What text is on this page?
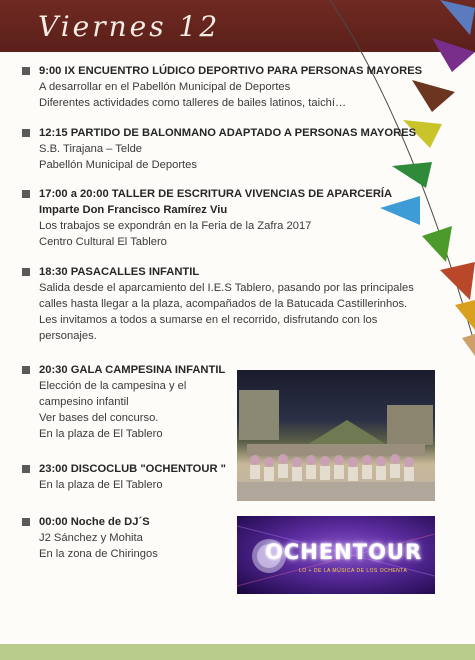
Viernes 12
9:00 IX ENCUENTRO LÚDICO DEPORTIVO PARA PERSONAS MAYORES
A desarrollar en el Pabellón Municipal de Deportes
Diferentes actividades como talleres de bailes latinos, taichí…
12:15 PARTIDO DE BALONMANO ADAPTADO A PERSONAS MAYORES
S.B. Tirajana – Telde
Pabellón Municipal de Deportes
17:00 a 20:00 TALLER DE ESCRITURA VIVENCIAS DE APARCERÍA
Imparte Don Francisco Ramírez Viu
Los trabajos se expondrán en la Feria de la Zafra 2017
Centro Cultural El Tablero
18:30 PASACALLES INFANTIL
Salida desde el aparcamiento del I.E.S Tablero, pasando por las principales
calles hasta llegar a la plaza, acompañados de la Batucada Castillerinhos.
Les invitamos a todos a sumarse en el recorrido, disfrutando con los
personajes.
20:30 GALA CAMPESINA INFANTIL
Elección de la campesina y el
campesino infantil
Ver bases del concurso.
En la plaza de El Tablero
23:00 DISCOCLUB "OCHENTOUR "
En la plaza de El Tablero
00:00 Noche de DJ´S
J2 Sánchez y Mohita
En la zona de Chiringos	OCHENTOUR
LO + DE LA MÚSICA DE LOS OCHENTA
